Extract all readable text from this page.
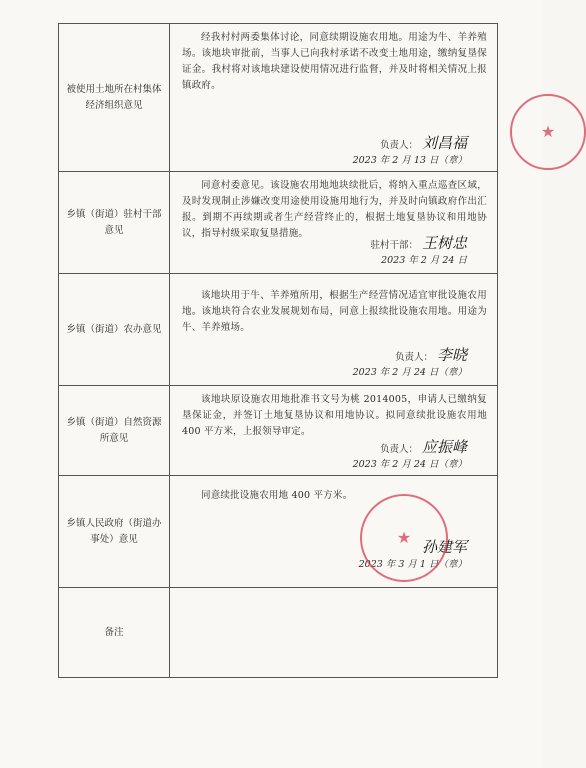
被使用土地所在村集体经济组织意见	经我村村两委集体讨论，同意续期设施农用地。用途为牛、羊养殖场。该地块审批前，当事人已向我村承诺不改变土地用途，缴纳复垦保证金。我村将对该地块建设使用情况进行监督，并及时将相关情况上报镇政府。
负责人： 刘昌福
2023 年 2 月 13 日（章）
★

乡镇（街道）驻村干部意见	同意村委意见。该设施农用地地块续批后，将纳入重点巡查区域，及时发现制止涉嫌改变用途使用设施用地行为，并及时向镇政府作出汇报。到期不再续期或者生产经营终止的，根据土地复垦协议和用地协议，指导村级采取复垦措施。
驻村干部： 王树忠
2023 年 2 月 24 日

乡镇（街道）农办意见	该地块用于牛、羊养殖所用，根据生产经营情况适宜审批设施农用地。该地块符合农业发展规划布局，同意上报续批设施农用地。用途为牛、羊养殖场。
负责人： 李晓
2023 年 2 月 24 日（章）

乡镇（街道）自然资源所意见	该地块原设施农用地批准书文号为桃 2014005，申请人已缴纳复垦保证金，并签订土地复垦协议和用地协议。拟同意续批设施农用地 400 平方米，上报领导审定。
负责人： 应振峰
2023 年 2 月 24 日（章）

乡镇人民政府（街道办事处）意见	同意续批设施农用地 400 平方米。
孙建军
2023 年 3 月 1 日（章）
★

备注	
